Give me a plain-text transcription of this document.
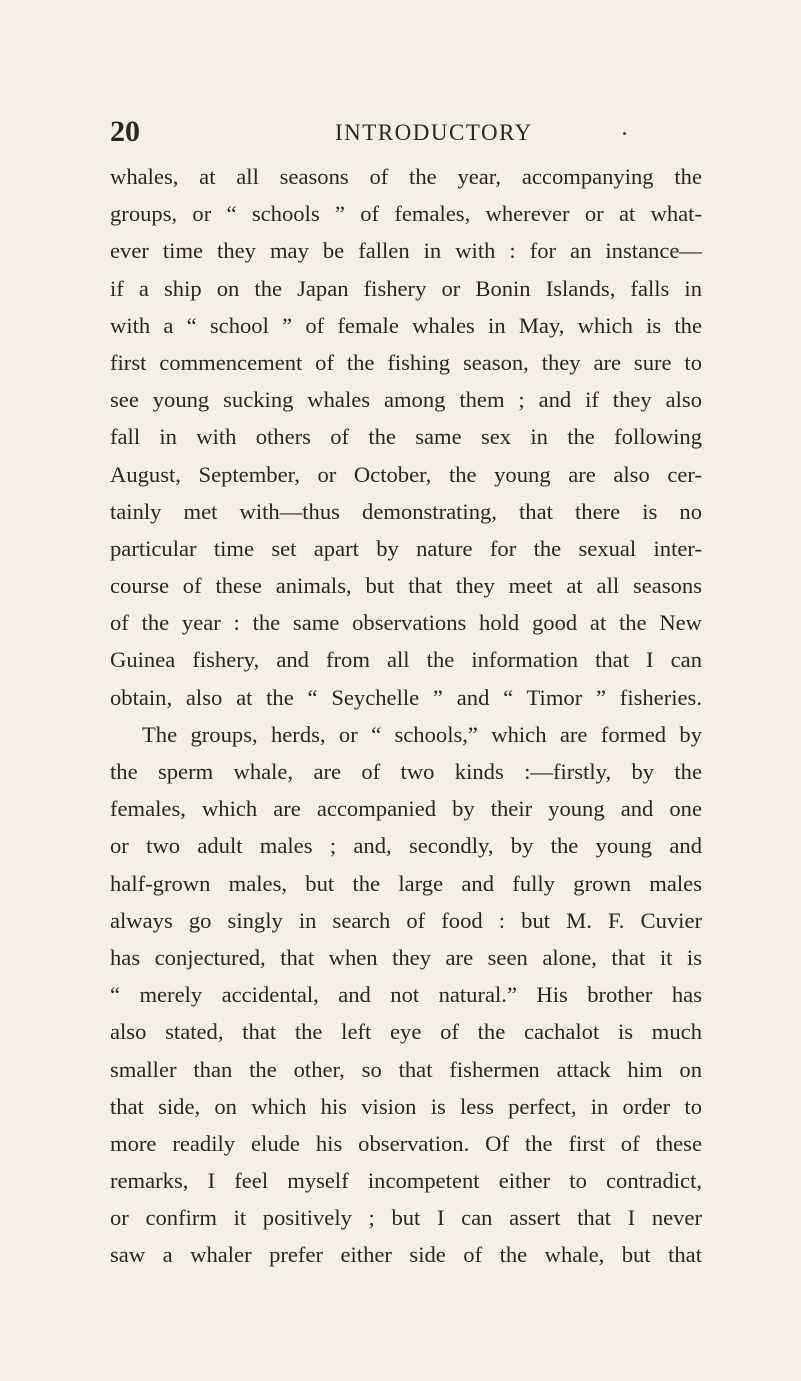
20	INTRODUCTORY
whales, at all seasons of the year, accompanying the
groups, or “ schools ” of females, wherever or at what-
ever time they may be fallen in with : for an instance—
if a ship on the Japan fishery or Bonin Islands, falls in
with a “ school ” of female whales in May, which is the
first commencement of the fishing season, they are sure to
see young sucking whales among them ; and if they also
fall in with others of the same sex in the following
August, September, or October, the young are also cer-
tainly met with—thus demonstrating, that there is no
particular time set apart by nature for the sexual inter-
course of these animals, but that they meet at all seasons
of the year : the same observations hold good at the New
Guinea fishery, and from all the information that I can
obtain, also at the “ Seychelle ” and “ Timor ” fisheries.
The groups, herds, or “ schools,” which are formed by
the sperm whale, are of two kinds :—firstly, by the
females, which are accompanied by their young and one
or two adult males ; and, secondly, by the young and
half-grown males, but the large and fully grown males
always go singly in search of food : but M. F. Cuvier
has conjectured, that when they are seen alone, that it is
“ merely accidental, and not natural.” His brother has
also stated, that the left eye of the cachalot is much
smaller than the other, so that fishermen attack him on
that side, on which his vision is less perfect, in order to
more readily elude his observation. Of the first of these
remarks, I feel myself incompetent either to contradict,
or confirm it positively ; but I can assert that I never
saw a whaler prefer either side of the whale, but that
